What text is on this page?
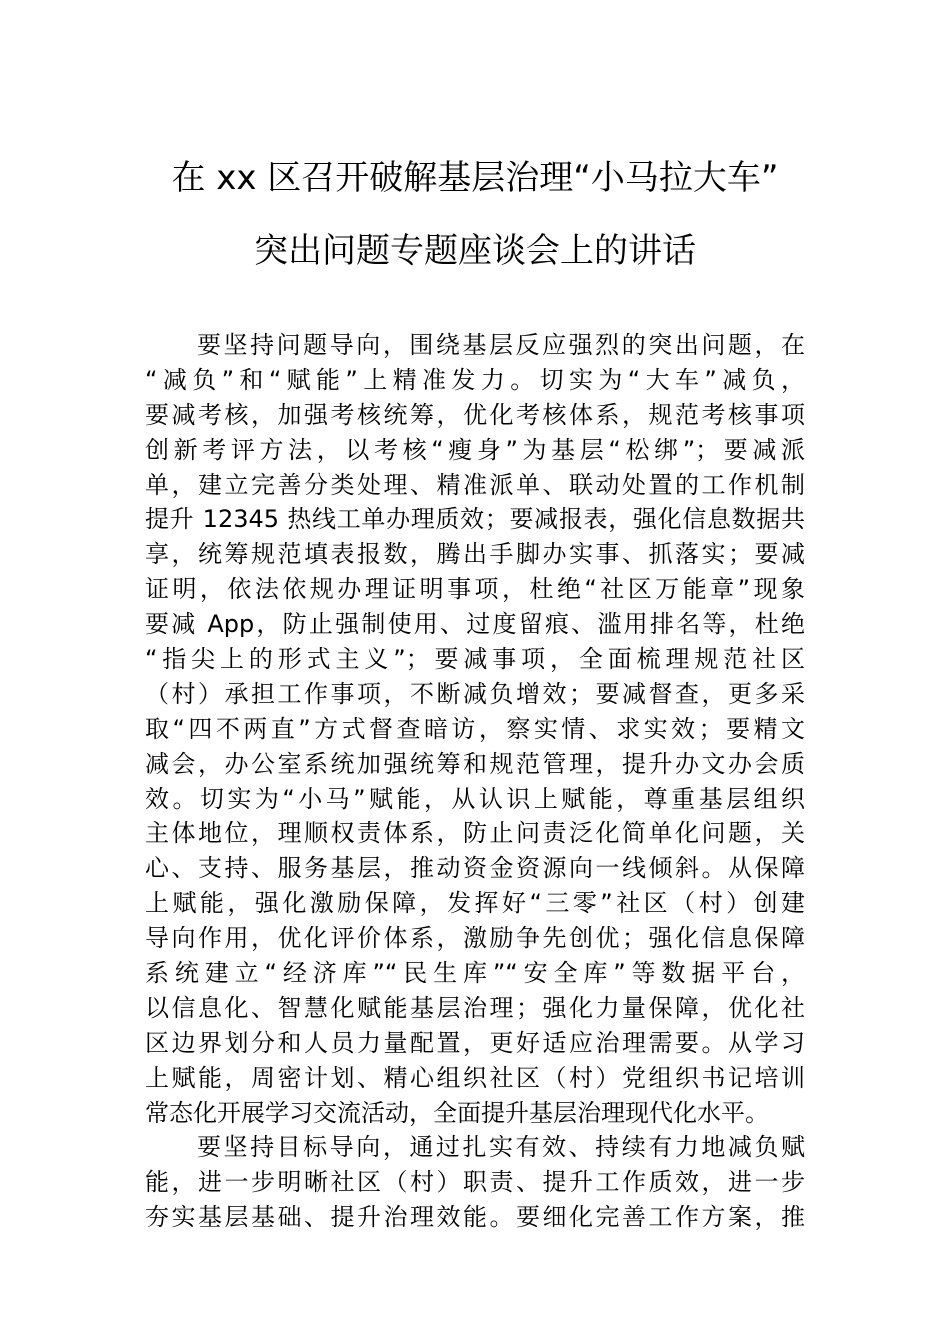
在 xx 区召开破解基层治理“小马拉大车”
突出问题专题座谈会上的讲话
要坚持问题导向，围绕基层反应强烈的突出问题，在
“减负”和“赋能”上精准发力。切实为“大车”减负，
要减考核，加强考核统筹，优化考核体系，规范考核事项
创新考评方法，以考核“瘦身”为基层“松绑”；要减派
单，建立完善分类处理、精准派单、联动处置的工作机制
提升 12345 热线工单办理质效；要减报表，强化信息数据共
享，统筹规范填表报数，腾出手脚办实事、抓落实；要减
证明，依法依规办理证明事项，杜绝“社区万能章”现象
要减 App，防止强制使用、过度留痕、滥用排名等，杜绝
“指尖上的形式主义”；要减事项，全面梳理规范社区
（村）承担工作事项，不断减负增效；要减督查，更多采
取“四不两直”方式督查暗访，察实情、求实效；要精文
减会，办公室系统加强统筹和规范管理，提升办文办会质
效。切实为“小马”赋能，从认识上赋能，尊重基层组织
主体地位，理顺权责体系，防止问责泛化简单化问题，关
心、支持、服务基层，推动资金资源向一线倾斜。从保障
上赋能，强化激励保障，发挥好“三零”社区（村）创建
导向作用，优化评价体系，激励争先创优；强化信息保障
系统建立“经济库”“民生库”“安全库”等数据平台，
以信息化、智慧化赋能基层治理；强化力量保障，优化社
区边界划分和人员力量配置，更好适应治理需要。从学习
上赋能，周密计划、精心组织社区（村）党组织书记培训
常态化开展学习交流活动，全面提升基层治理现代化水平。
要坚持目标导向，通过扎实有效、持续有力地减负赋
能，进一步明晰社区（村）职责、提升工作质效，进一步
夯实基层基础、提升治理效能。要细化完善工作方案，推
